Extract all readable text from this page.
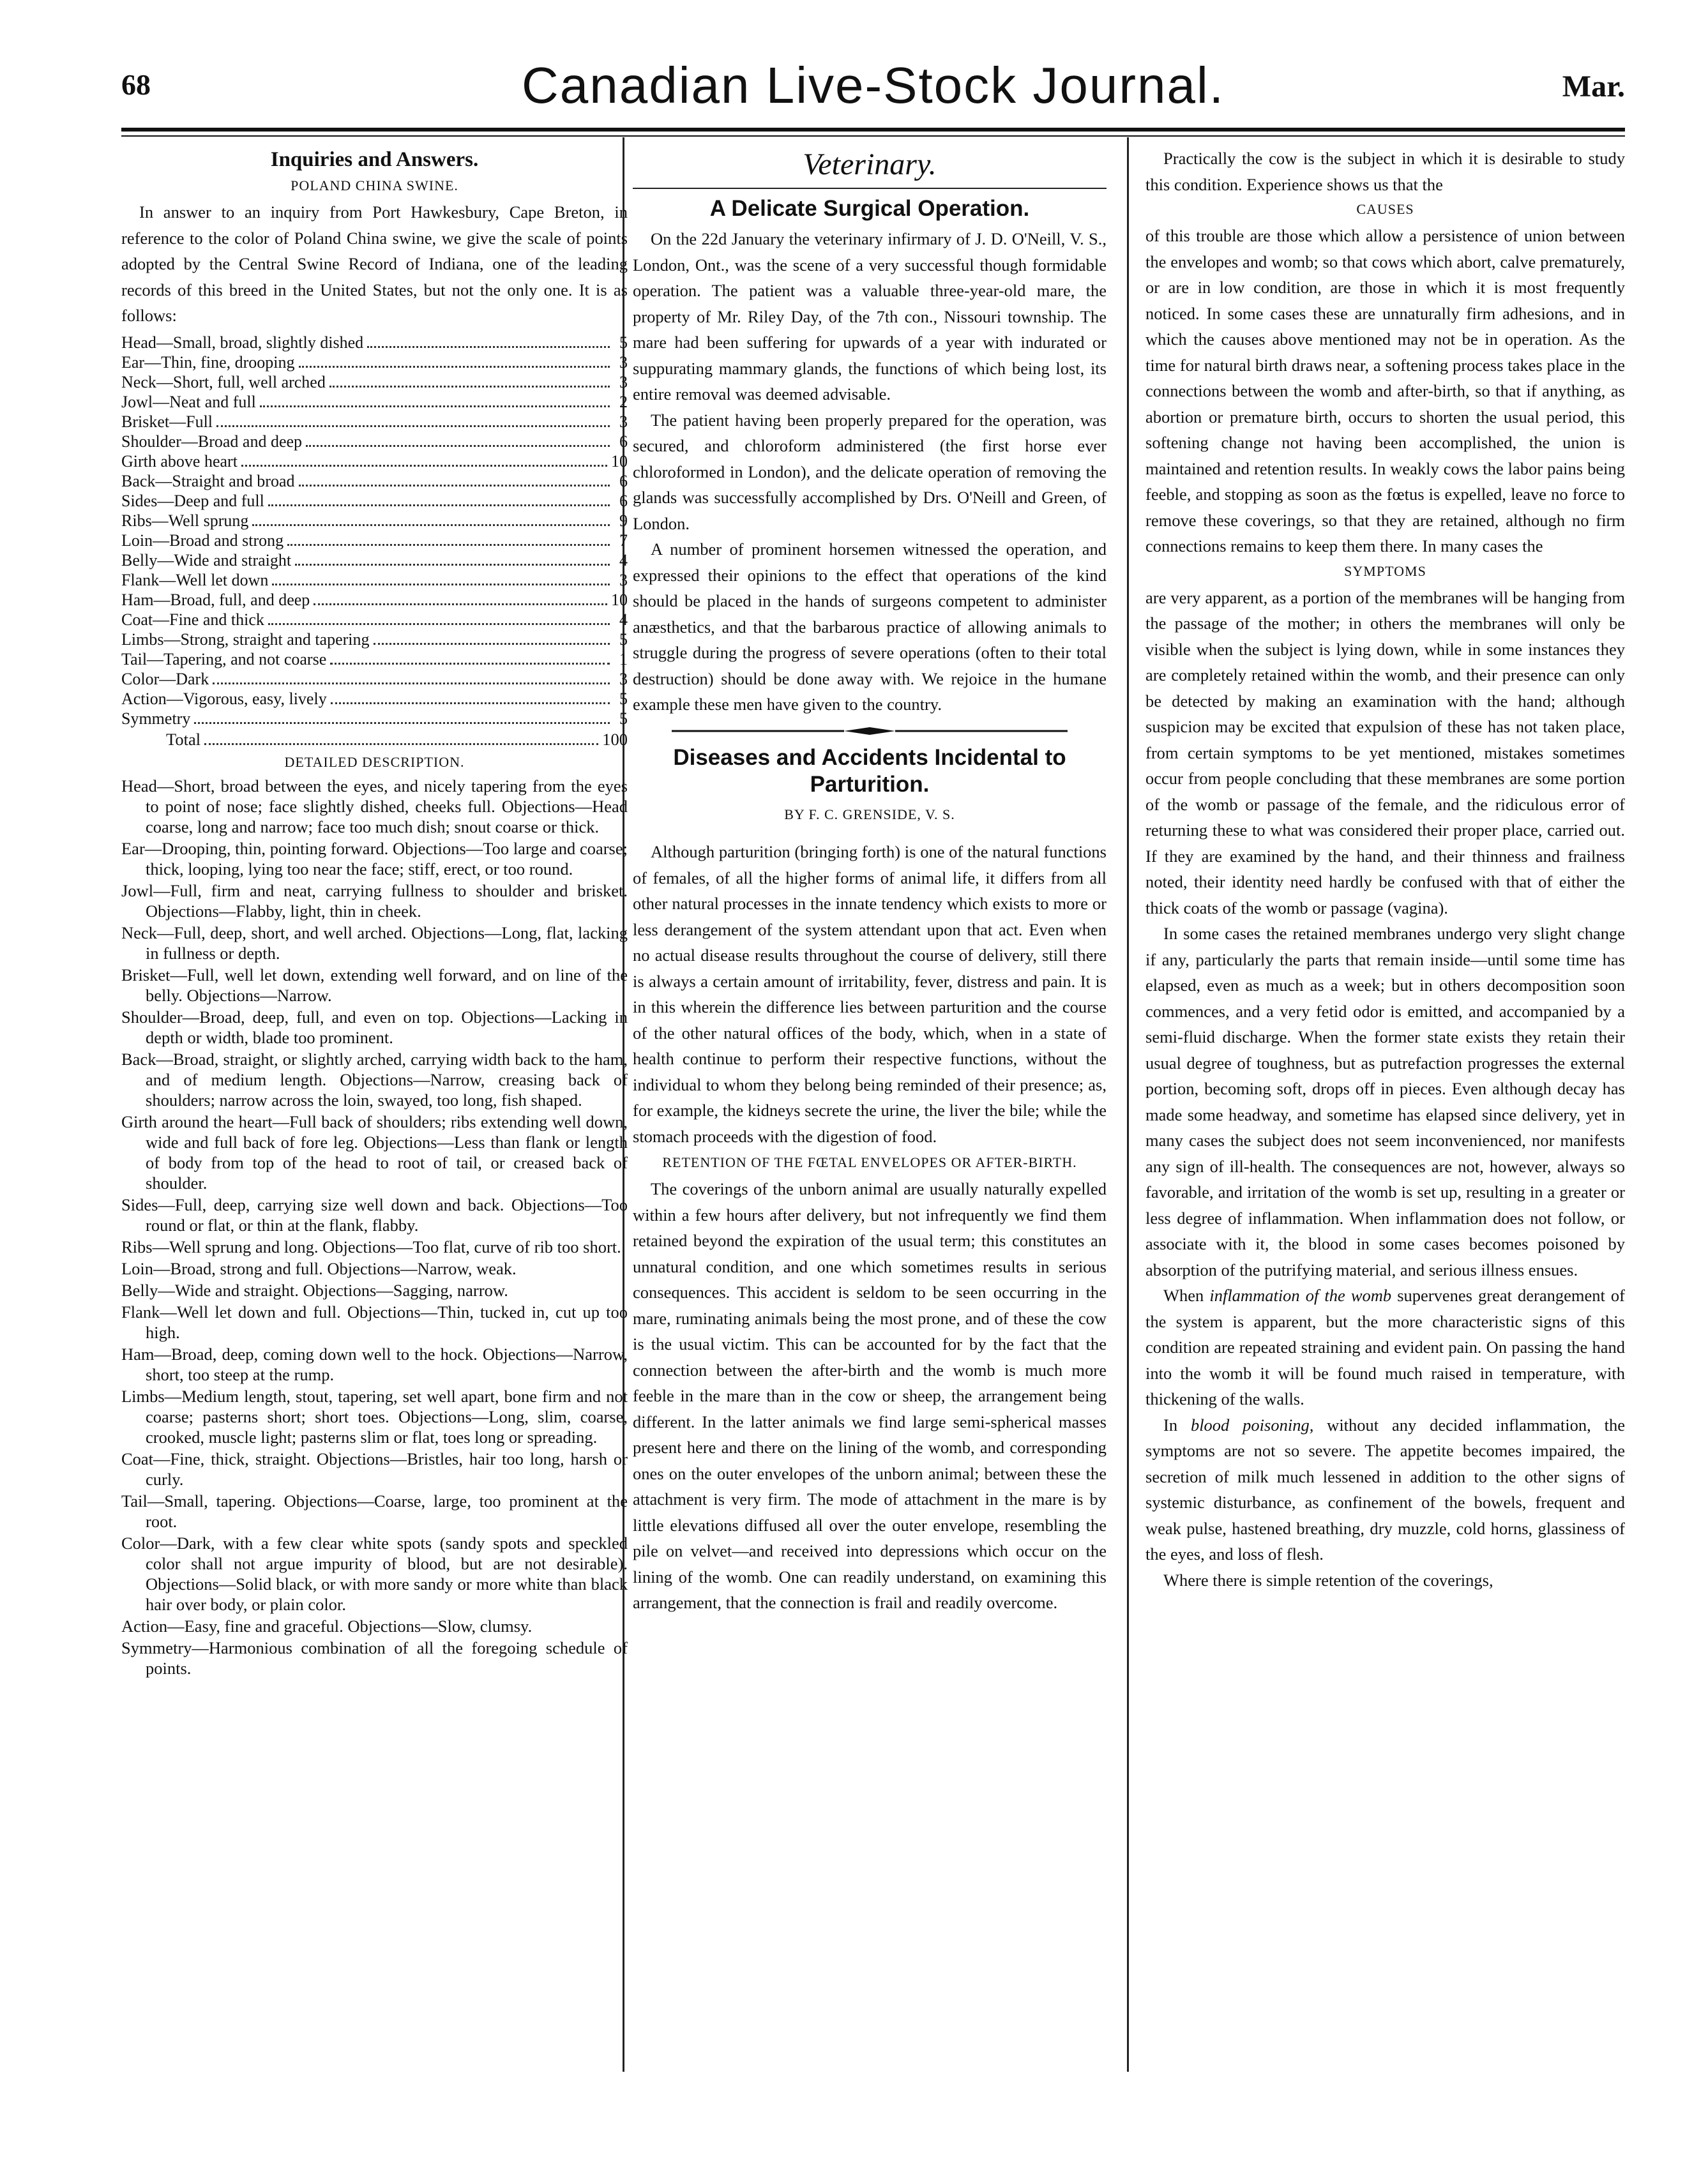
68	Canadian Live-Stock Journal.	Mar.
Inquiries and Answers.
POLAND CHINA SWINE.

In answer to an inquiry from Port Hawkesbury, Cape Breton, in reference to the color of Poland China swine, we give the scale of points adopted by the Central Swine Record of Indiana, one of the leading records of this breed in the United States, but not the only one. It is as follows:

Head—Small, broad, slightly dished	5
Ear—Thin, fine, drooping	3
Neck—Short, full, well arched	3
Jowl—Neat and full	2
Brisket—Full	3
Shoulder—Broad and deep	6
Girth above heart	10
Back—Straight and broad	6
Sides—Deep and full	6
Ribs—Well sprung	9
Loin—Broad and strong	7
Belly—Wide and straight	4
Flank—Well let down	3
Ham—Broad, full, and deep	10
Coat—Fine and thick	4
Limbs—Strong, straight and tapering	5
Tail—Tapering, and not coarse	1
Color—Dark	3
Action—Vigorous, easy, lively	5
Symmetry	5
Total	100
DETAILED DESCRIPTION.
Head—Short, broad between the eyes, and nicely tapering from the eyes to point of nose; face slightly dished, cheeks full. Objections—Head coarse, long and narrow; face too much dish; snout coarse or thick.
Ear—Drooping, thin, pointing forward. Objections—Too large and coarse; thick, looping, lying too near the face; stiff, erect, or too round.
Jowl—Full, firm and neat, carrying fullness to shoulder and brisket. Objections—Flabby, light, thin in cheek.
Neck—Full, deep, short, and well arched. Objections—Long, flat, lacking in fullness or depth.
Brisket—Full, well let down, extending well forward, and on line of the belly. Objections—Narrow.
Shoulder—Broad, deep, full, and even on top. Objections—Lacking in depth or width, blade too prominent.
Back—Broad, straight, or slightly arched, carrying width back to the ham, and of medium length. Objections—Narrow, creasing back of shoulders; narrow across the loin, swayed, too long, fish shaped.
Girth around the heart—Full back of shoulders; ribs extending well down, wide and full back of fore leg. Objections—Less than flank or length of body from top of the head to root of tail, or creased back of shoulder.
Sides—Full, deep, carrying size well down and back. Objections—Too round or flat, or thin at the flank, flabby.
Ribs—Well sprung and long. Objections—Too flat, curve of rib too short.
Loin—Broad, strong and full. Objections—Narrow, weak.
Belly—Wide and straight. Objections—Sagging, narrow.
Flank—Well let down and full. Objections—Thin, tucked in, cut up too high.
Ham—Broad, deep, coming down well to the hock. Objections—Narrow, short, too steep at the rump.
Limbs—Medium length, stout, tapering, set well apart, bone firm and not coarse; pasterns short; short toes. Objections—Long, slim, coarse, crooked, muscle light; pasterns slim or flat, toes long or spreading.
Coat—Fine, thick, straight. Objections—Bristles, hair too long, harsh or curly.
Tail—Small, tapering. Objections—Coarse, large, too prominent at the root.
Color—Dark, with a few clear white spots (sandy spots and speckled color shall not argue impurity of blood, but are not desirable). Objections—Solid black, or with more sandy or more white than black hair over body, or plain color.
Action—Easy, fine and graceful. Objections—Slow, clumsy.
Symmetry—Harmonious combination of all the foregoing schedule of points.
Veterinary.
A Delicate Surgical Operation.

On the 22d January the veterinary infirmary of J. D. O'Neill, V. S., London, Ont., was the scene of a very successful though formidable operation. The patient was a valuable three-year-old mare, the property of Mr. Riley Day, of the 7th con., Nissouri township. The mare had been suffering for upwards of a year with indurated or suppurating mammary glands, the functions of which being lost, its entire removal was deemed advisable.

The patient having been properly prepared for the operation, was secured, and chloroform administered (the first horse ever chloroformed in London), and the delicate operation of removing the glands was successfully accomplished by Drs. O'Neill and Green, of London.

A number of prominent horsemen witnessed the operation, and expressed their opinions to the effect that operations of the kind should be placed in the hands of surgeons competent to administer anæsthetics, and that the barbarous practice of allowing animals to struggle during the progress of severe operations (often to their total destruction) should be done away with. We rejoice in the humane example these men have given to the country.

Diseases and Accidents Incidental to Parturition.
BY F. C. GRENSIDE, V. S.

Although parturition (bringing forth) is one of the natural functions of females, of all the higher forms of animal life, it differs from all other natural processes in the innate tendency which exists to more or less derangement of the system attendant upon that act. Even when no actual disease results throughout the course of delivery, still there is always a certain amount of irritability, fever, distress and pain. It is in this wherein the difference lies between parturition and the course of the other natural offices of the body, which, when in a state of health continue to perform their respective functions, without the individual to whom they belong being reminded of their presence; as, for example, the kidneys secrete the urine, the liver the bile; while the stomach proceeds with the digestion of food.

RETENTION OF THE FŒTAL ENVELOPES OR AFTER-BIRTH.

The coverings of the unborn animal are usually naturally expelled within a few hours after delivery, but not infrequently we find them retained beyond the expiration of the usual term; this constitutes an unnatural condition, and one which sometimes results in serious consequences. This accident is seldom to be seen occurring in the mare, ruminating animals being the most prone, and of these the cow is the usual victim. This can be accounted for by the fact that the connection between the after-birth and the womb is much more feeble in the mare than in the cow or sheep, the arrangement being different. In the latter animals we find large semi-spherical masses present here and there on the lining of the womb, and corresponding ones on the outer envelopes of the unborn animal; between these the attachment is very firm. The mode of attachment in the mare is by little elevations diffused all over the outer envelope, resembling the pile on velvet—and received into depressions which occur on the lining of the womb. One can readily understand, on examining this arrangement, that the connection is frail and readily overcome.

Practically the cow is the subject in which it is desirable to study this condition. Experience shows us that the

CAUSES

of this trouble are those which allow a persistence of union between the envelopes and womb; so that cows which abort, calve prematurely, or are in low condition, are those in which it is most frequently noticed. In some cases these are unnaturally firm adhesions, and in which the causes above mentioned may not be in operation. As the time for natural birth draws near, a softening process takes place in the connections between the womb and after-birth, so that if anything, as abortion or premature birth, occurs to shorten the usual period, this softening change not having been accomplished, the union is maintained and retention results. In weakly cows the labor pains being feeble, and stopping as soon as the fœtus is expelled, leave no force to remove these coverings, so that they are retained, although no firm connections remains to keep them there. In many cases the

SYMPTOMS

are very apparent, as a portion of the membranes will be hanging from the passage of the mother; in others the membranes will only be visible when the subject is lying down, while in some instances they are completely retained within the womb, and their presence can only be detected by making an examination with the hand; although suspicion may be excited that expulsion of these has not taken place, from certain symptoms to be yet mentioned, mistakes sometimes occur from people concluding that these membranes are some portion of the womb or passage of the female, and the ridiculous error of returning these to what was considered their proper place, carried out. If they are examined by the hand, and their thinness and frailness noted, their identity need hardly be confused with that of either the thick coats of the womb or passage (vagina).

In some cases the retained membranes undergo very slight change if any, particularly the parts that remain inside—until some time has elapsed, even as much as a week; but in others decomposition soon commences, and a very fetid odor is emitted, and accompanied by a semi-fluid discharge. When the former state exists they retain their usual degree of toughness, but as putrefaction progresses the external portion, becoming soft, drops off in pieces. Even although decay has made some headway, and sometime has elapsed since delivery, yet in many cases the subject does not seem inconvenienced, nor manifests any sign of ill-health. The consequences are not, however, always so favorable, and irritation of the womb is set up, resulting in a greater or less degree of inflammation. When inflammation does not follow, or associate with it, the blood in some cases becomes poisoned by absorption of the putrifying material, and serious illness ensues.

When inflammation of the womb supervenes great derangement of the system is apparent, but the more characteristic signs of this condition are repeated straining and evident pain. On passing the hand into the womb it will be found much raised in temperature, with thickening of the walls.

In blood poisoning, without any decided inflammation, the symptoms are not so severe. The appetite becomes impaired, the secretion of milk much lessened in addition to the other signs of systemic disturbance, as confinement of the bowels, frequent and weak pulse, hastened breathing, dry muzzle, cold horns, glassiness of the eyes, and loss of flesh.

Where there is simple retention of the coverings,
